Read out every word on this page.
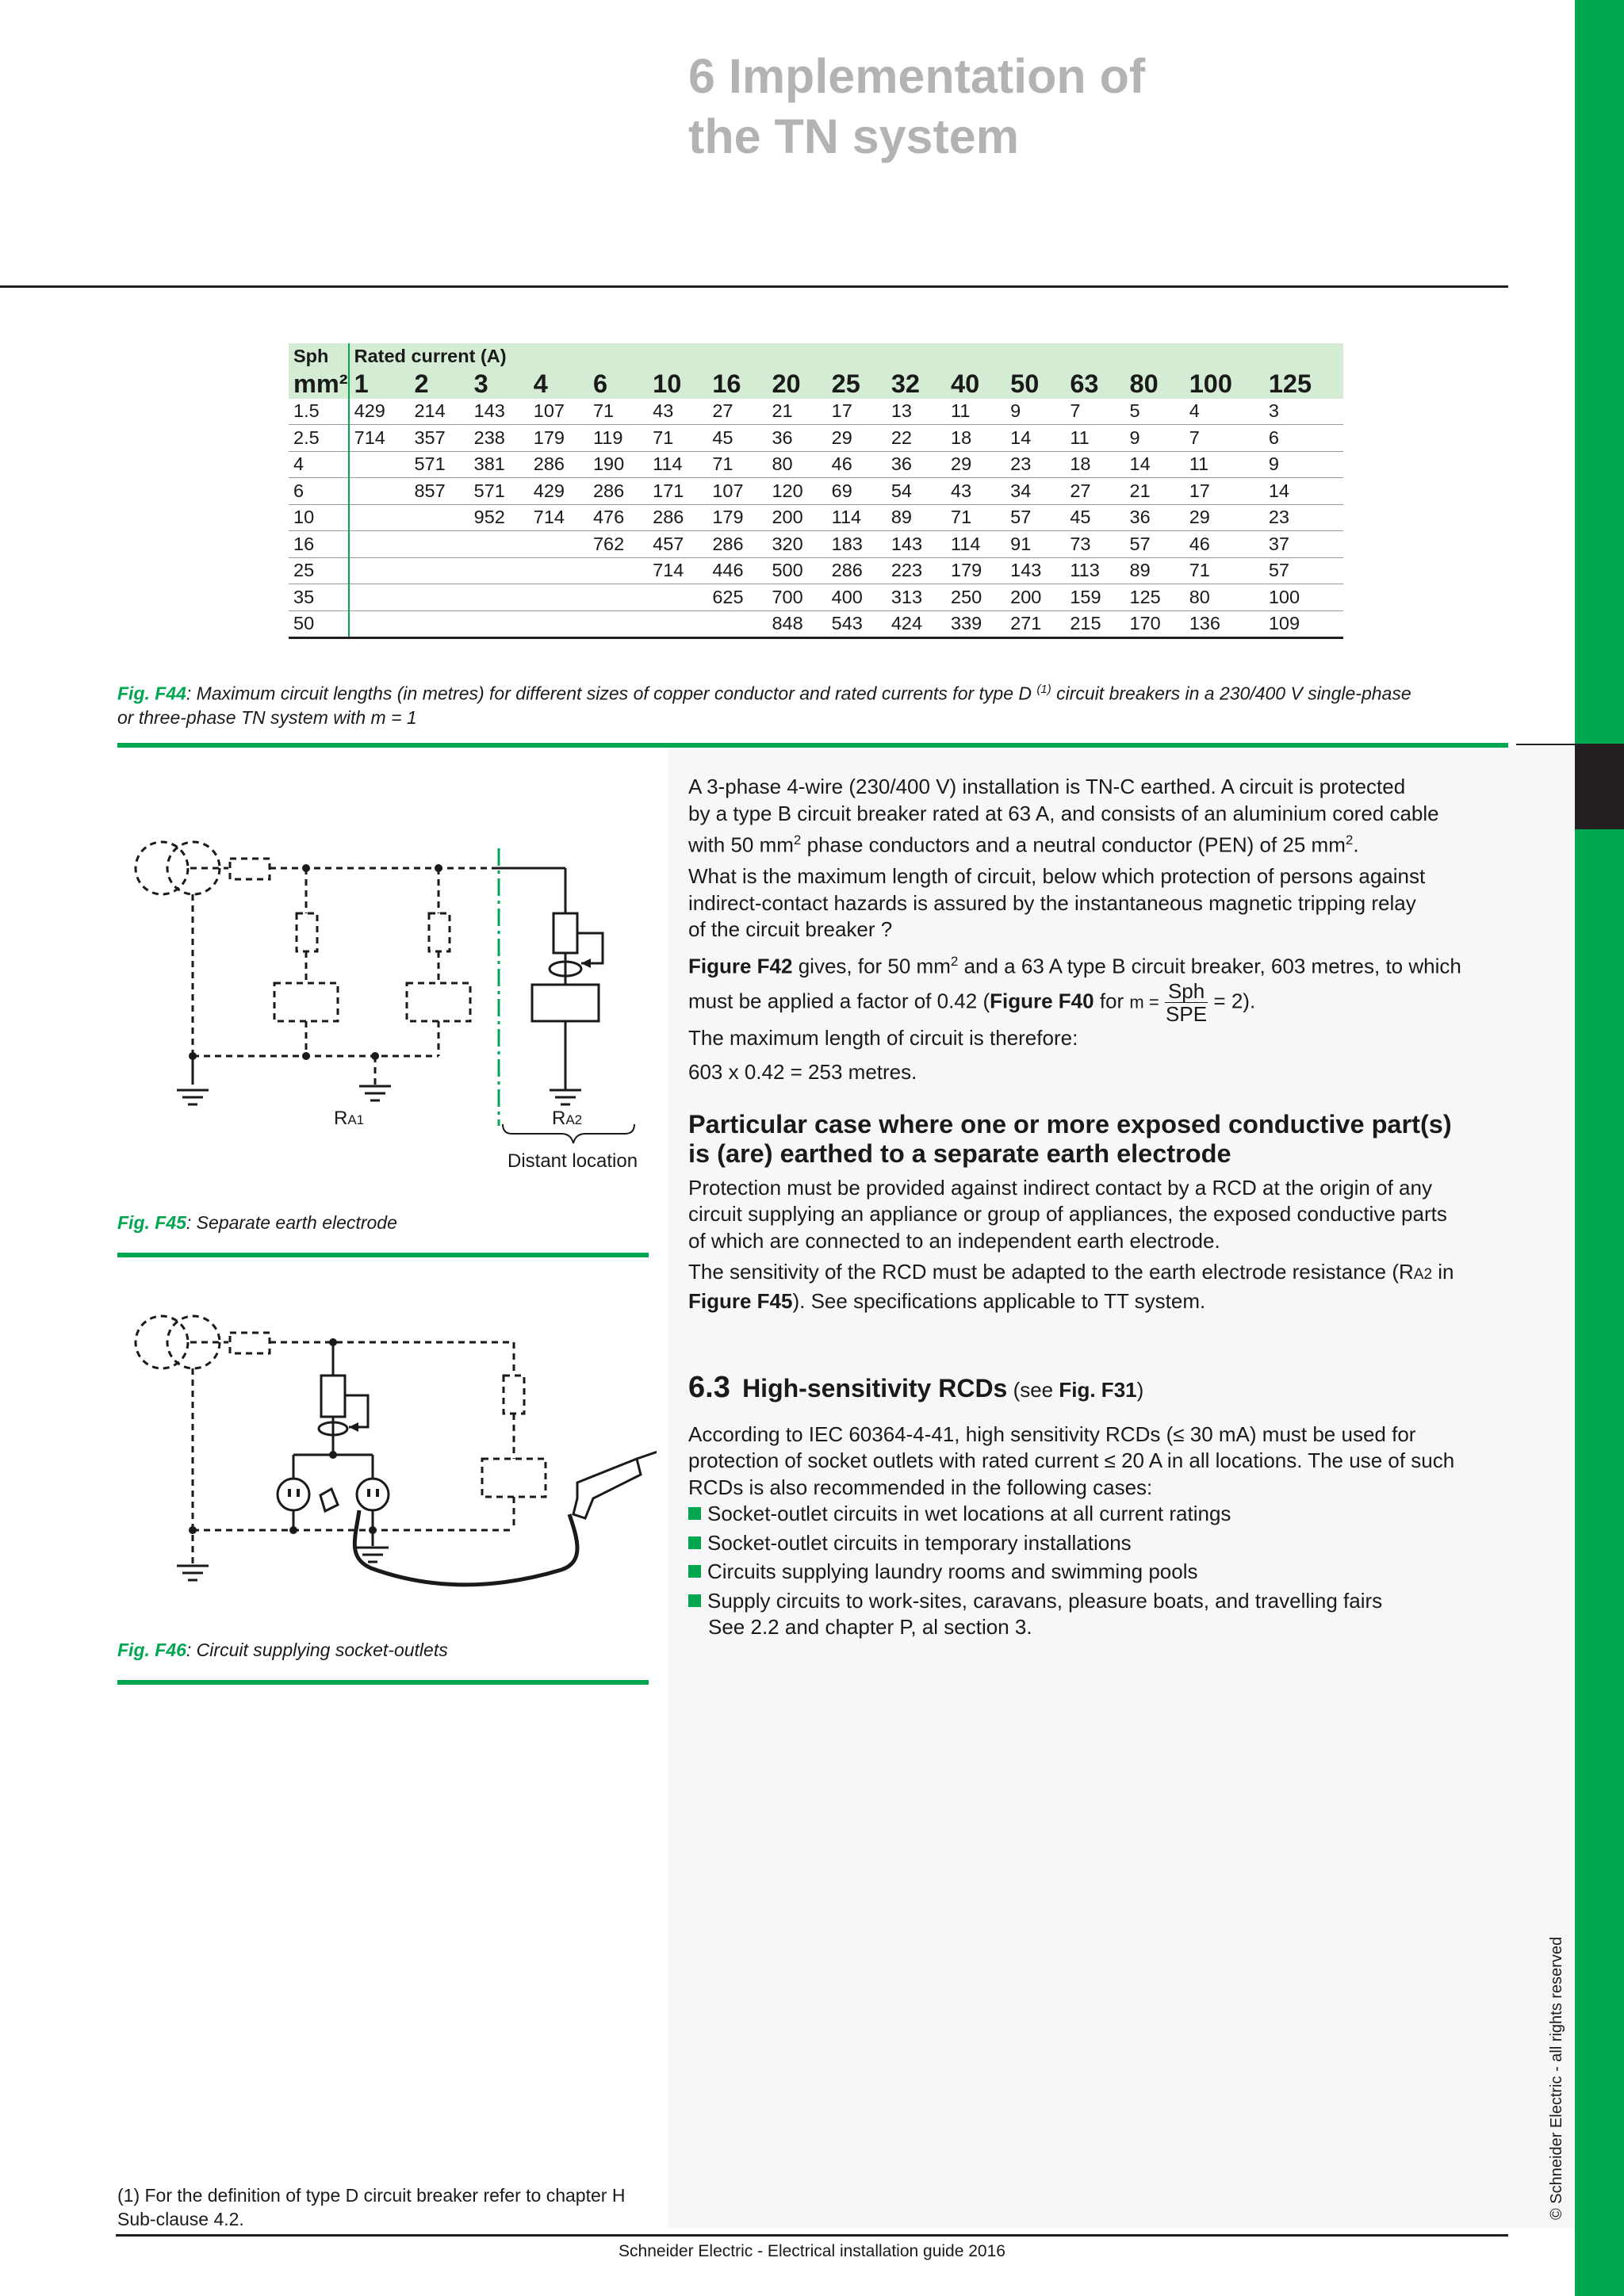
6 Implementation of
the TN system
Sph	Rated current (A)															
mm²	1	2	3	4	6	10	16	20	25	32	40	50	63	80	100	125
1.5	429	214	143	107	71	43	27	21	17	13	11	9	7	5	4	3
2.5	714	357	238	179	119	71	45	36	29	22	18	14	11	9	7	6
4		571	381	286	190	114	71	80	46	36	29	23	18	14	11	9
6		857	571	429	286	171	107	120	69	54	43	34	27	21	17	14
10			952	714	476	286	179	200	114	89	71	57	45	36	29	23
16					762	457	286	320	183	143	114	91	73	57	46	37
25						714	446	500	286	223	179	143	113	89	71	57
35							625	700	400	313	250	200	159	125	80	100
50								848	543	424	339	271	215	170	136	109
Fig. F44: Maximum circuit lengths (in metres) for different sizes of copper conductor and rated currents for type D $^{(1)}$ circuit breakers in a 230/400 V single-phase
or three-phase TN system with m = 1
RA1	RA2
Distant location
Fig. F45: Separate earth electrode
Fig. F46: Circuit supplying socket-outlets

A 3-phase 4-wire (230/400 V) installation is TN-C earthed. A circuit is protected
by a type B circuit breaker rated at 63 A, and consists of an aluminium cored cable
with 50 $mm^2$ phase conductors and a neutral conductor (PEN) of 25 $mm^2$.

What is the maximum length of circuit, below which protection of persons against
indirect-contact hazards is assured by the instantaneous magnetic tripping relay
of the circuit breaker ?

Figure F42 gives, for 50 $mm^2$ and a 63 A type B circuit breaker, 603 metres, to which
must be applied a factor of 0.42 (Figure F40 for $m = \frac{\text{Sph}}{\text{SPE}} = 2$).
The maximum length of circuit is therefore:

603 x 0.42 = 253 metres.

Particular case where one or more exposed conductive part(s)
is (are) earthed to a separate earth electrode

Protection must be provided against indirect contact by a RCD at the origin of any
circuit supplying an appliance or group of appliances, the exposed conductive parts
of which are connected to an independent earth electrode.

The sensitivity of the RCD must be adapted to the earth electrode resistance (RA2 in
Figure F45). See specifications applicable to TT system.

6.3 High-sensitivity RCDs (see Fig. F31)

According to IEC 60364-4-41, high sensitivity RCDs (≤ 30 mA) must be used for
protection of socket outlets with rated current ≤ 20 A in all locations. The use of such
RCDs is also recommended in the following cases:

Socket-outlet circuits in wet locations at all current ratings
Socket-outlet circuits in temporary installations
Circuits supplying laundry rooms and swimming pools
Supply circuits to work-sites, caravans, pleasure boats, and travelling fairs
See 2.2 and chapter P, al section 3.
(1) For the definition of type D circuit breaker refer to chapter H
Sub-clause 4.2.
Schneider Electric - Electrical installation guide 2016
© Schneider Electric - all rights reserved
